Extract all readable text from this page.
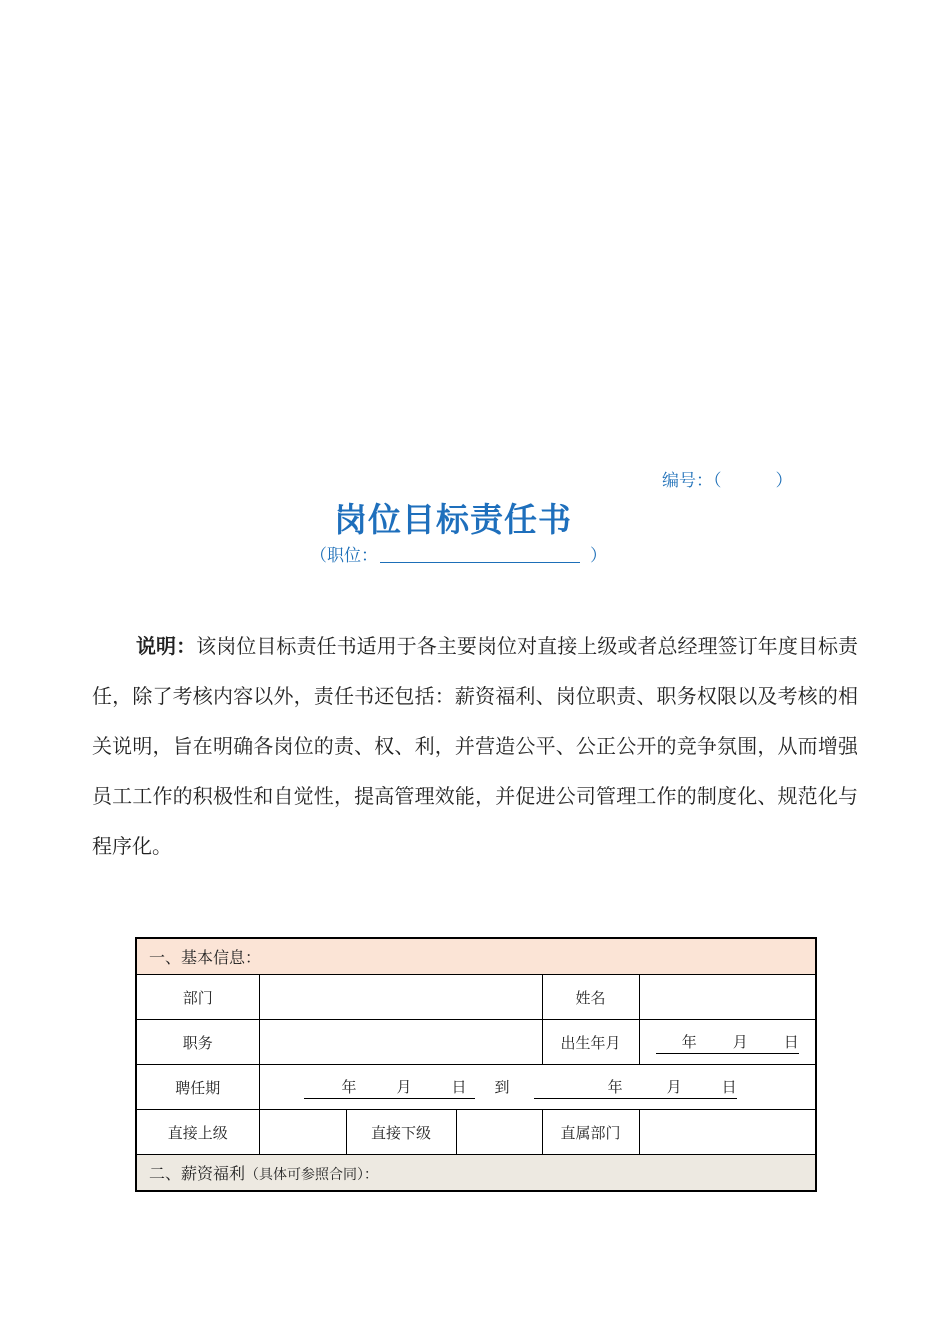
编号：（	）
岗位目标责任书
（职位：	）
说明：该岗位目标责任书适用于各主要岗位对直接上级或者总经理签订年度目标责任，除了考核内容以外，责任书还包括：薪资福利、岗位职责、职务权限以及考核的相关说明，旨在明确各岗位的责、权、利，并营造公平、公正公开的竞争氛围，从而增强员工工作的积极性和自觉性，提高管理效能，并促进公司管理工作的制度化、规范化与程序化。
一、基本信息：					
部门				姓名	
职务				出生年月	年 月 日
聘任期	年 月 日 到 年 月 日				

直接上级		直接下级		直属部门	
二、薪资福利（具体可参照合同）：					
